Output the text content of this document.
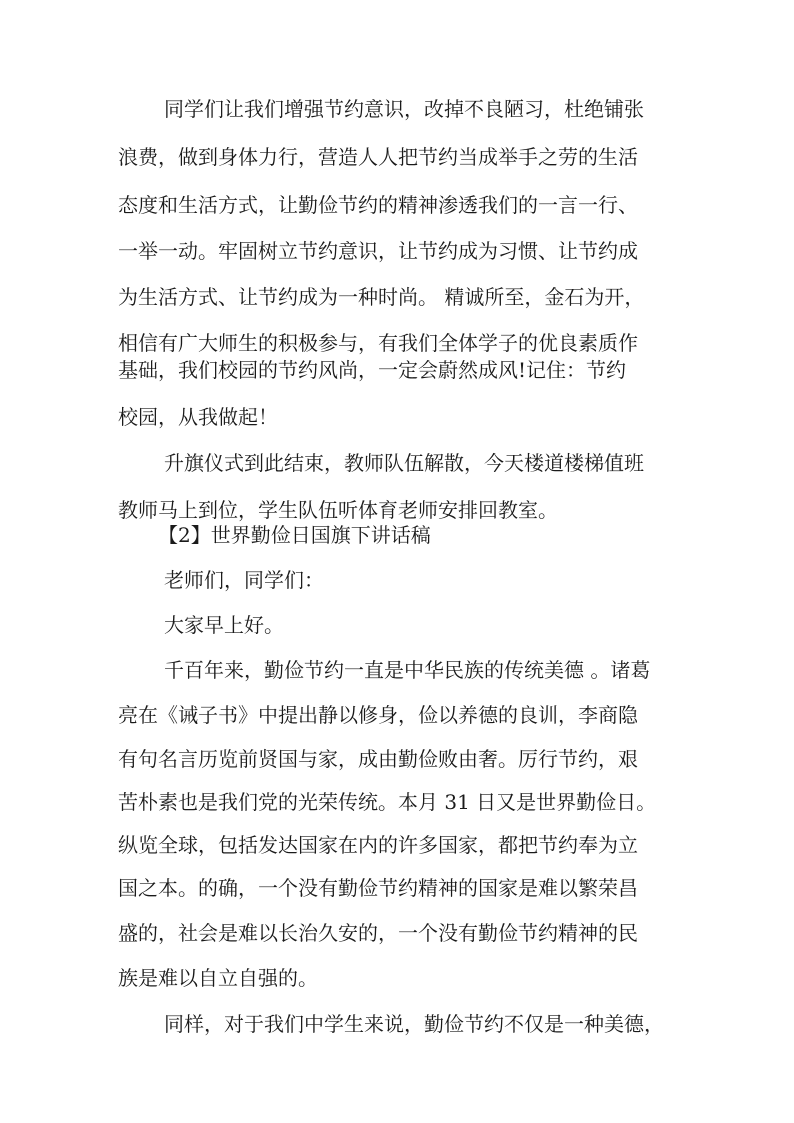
同学们让我们增强节约意识，改掉不良陋习，杜绝铺张
浪费，做到身体力行，营造人人把节约当成举手之劳的生活
态度和生活方式，让勤俭节约的精神渗透我们的一言一行、
一举一动。牢固树立节约意识，让节约成为习惯、让节约成
为生活方式、让节约成为一种时尚。 精诚所至，金石为开，
相信有广大师生的积极参与，有我们全体学子的优良素质作
基础，我们校园的节约风尚，一定会蔚然成风!记住：节约
校园，从我做起！
升旗仪式到此结束，教师队伍解散，今天楼道楼梯值班
教师马上到位，学生队伍听体育老师安排回教室。
【2】世界勤俭日国旗下讲话稿
老师们，同学们：
大家早上好。
千百年来，勤俭节约一直是中华民族的传统美德 。诸葛
亮在《诫子书》中提出静以修身，俭以养德的良训，李商隐
有句名言历览前贤国与家，成由勤俭败由奢。厉行节约，艰
苦朴素也是我们党的光荣传统。本月 31 日又是世界勤俭日。
纵览全球，包括发达国家在内的许多国家，都把节约奉为立
国之本。的确，一个没有勤俭节约精神的国家是难以繁荣昌
盛的，社会是难以长治久安的，一个没有勤俭节约精神的民
族是难以自立自强的。
同样，对于我们中学生来说，勤俭节约不仅是一种美德，
